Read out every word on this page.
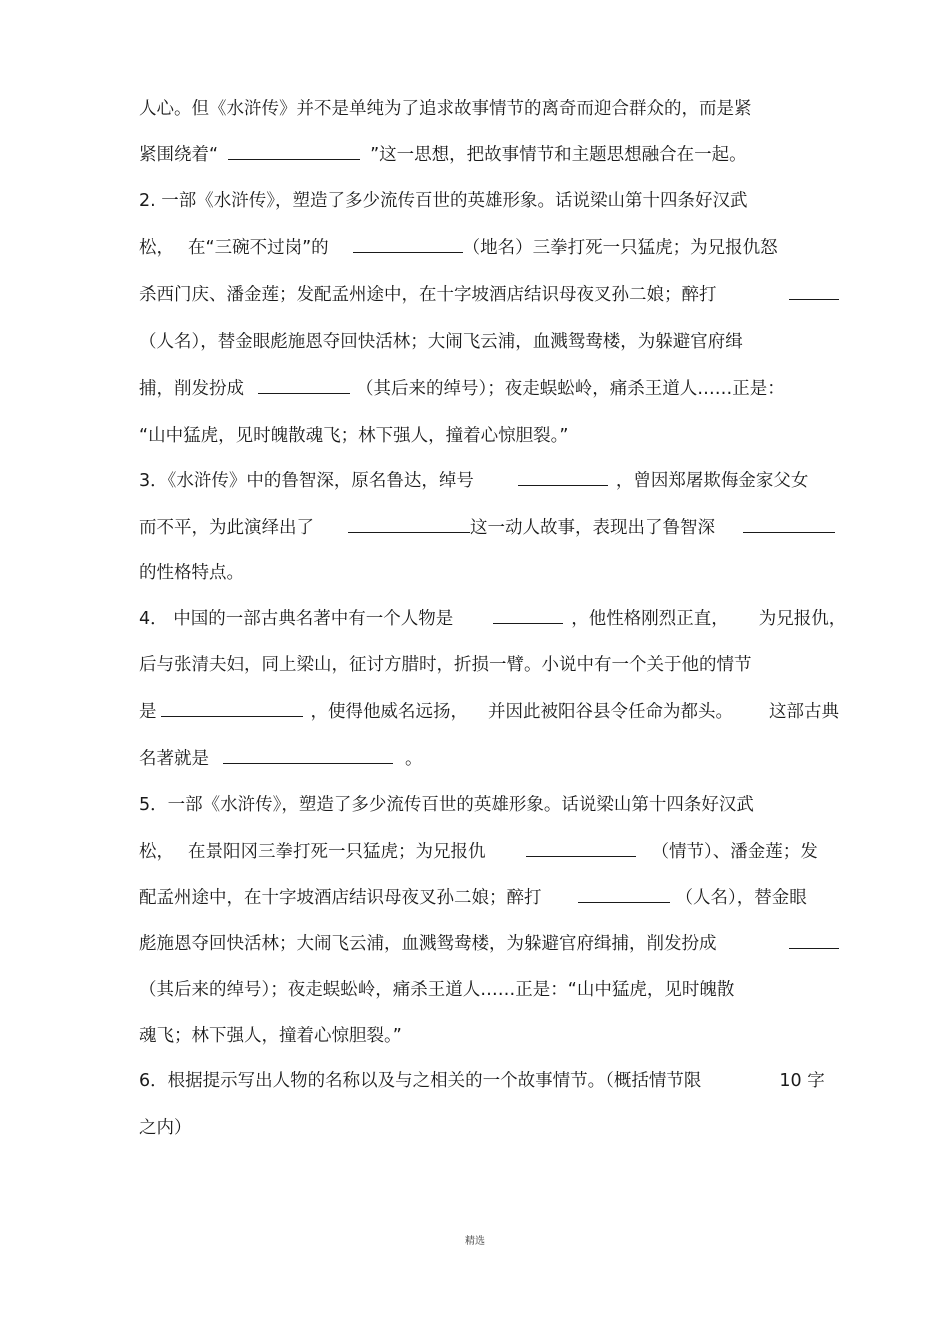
人心。但《水浒传》并不是单纯为了追求故事情节的离奇而迎合群众的，而是紧
紧围绕着“	”这一思想，把故事情节和主题思想融合在一起。
2. 一部《水浒传》，塑造了多少流传百世的英雄形象。话说梁山第十四条好汉武
松， 在“三碗不过岗”的	（地名）三拳打死一只猛虎；为兄报仇怒
杀西门庆、潘金莲；发配孟州途中，在十字坡酒店结识母夜叉孙二娘；醉打
（人名），替金眼彪施恩夺回快活林；大闹飞云浦，血溅鸳鸯楼，为躲避官府缉
捕，削发扮成	（其后来的绰号）；夜走蜈蚣岭，痛杀王道人……正是：
“山中猛虎，见时魄散魂飞；林下强人，撞着心惊胆裂。”
3．《水浒传》中的鲁智深，原名鲁达，绰号	，曾因郑屠欺侮金家父女
而不平，为此演绎出了	这一动人故事，表现出了鲁智深
的性格特点。
4． 中国的一部古典名著中有一个人物是	，他性格刚烈正直， 为兄报仇，
后与张清夫妇，同上梁山，征讨方腊时，折损一臂。小说中有一个关于他的情节
是	，使得他威名远扬， 并因此被阳谷县令任命为都头。 这部古典
名著就是	。
5．一部《水浒传》，塑造了多少流传百世的英雄形象。话说梁山第十四条好汉武
松， 在景阳冈三拳打死一只猛虎；为兄报仇	（情节）、潘金莲；发
配孟州途中，在十字坡酒店结识母夜叉孙二娘；醉打	（人名），替金眼
彪施恩夺回快活林；大闹飞云浦，血溅鸳鸯楼，为躲避官府缉捕，削发扮成
（其后来的绰号）；夜走蜈蚣岭，痛杀王道人……正是：“山中猛虎，见时魄散
魂飞；林下强人，撞着心惊胆裂。”
6．根据提示写出人物的名称以及与之相关的一个故事情节。（概括情节限	10 字
之内）
精选
